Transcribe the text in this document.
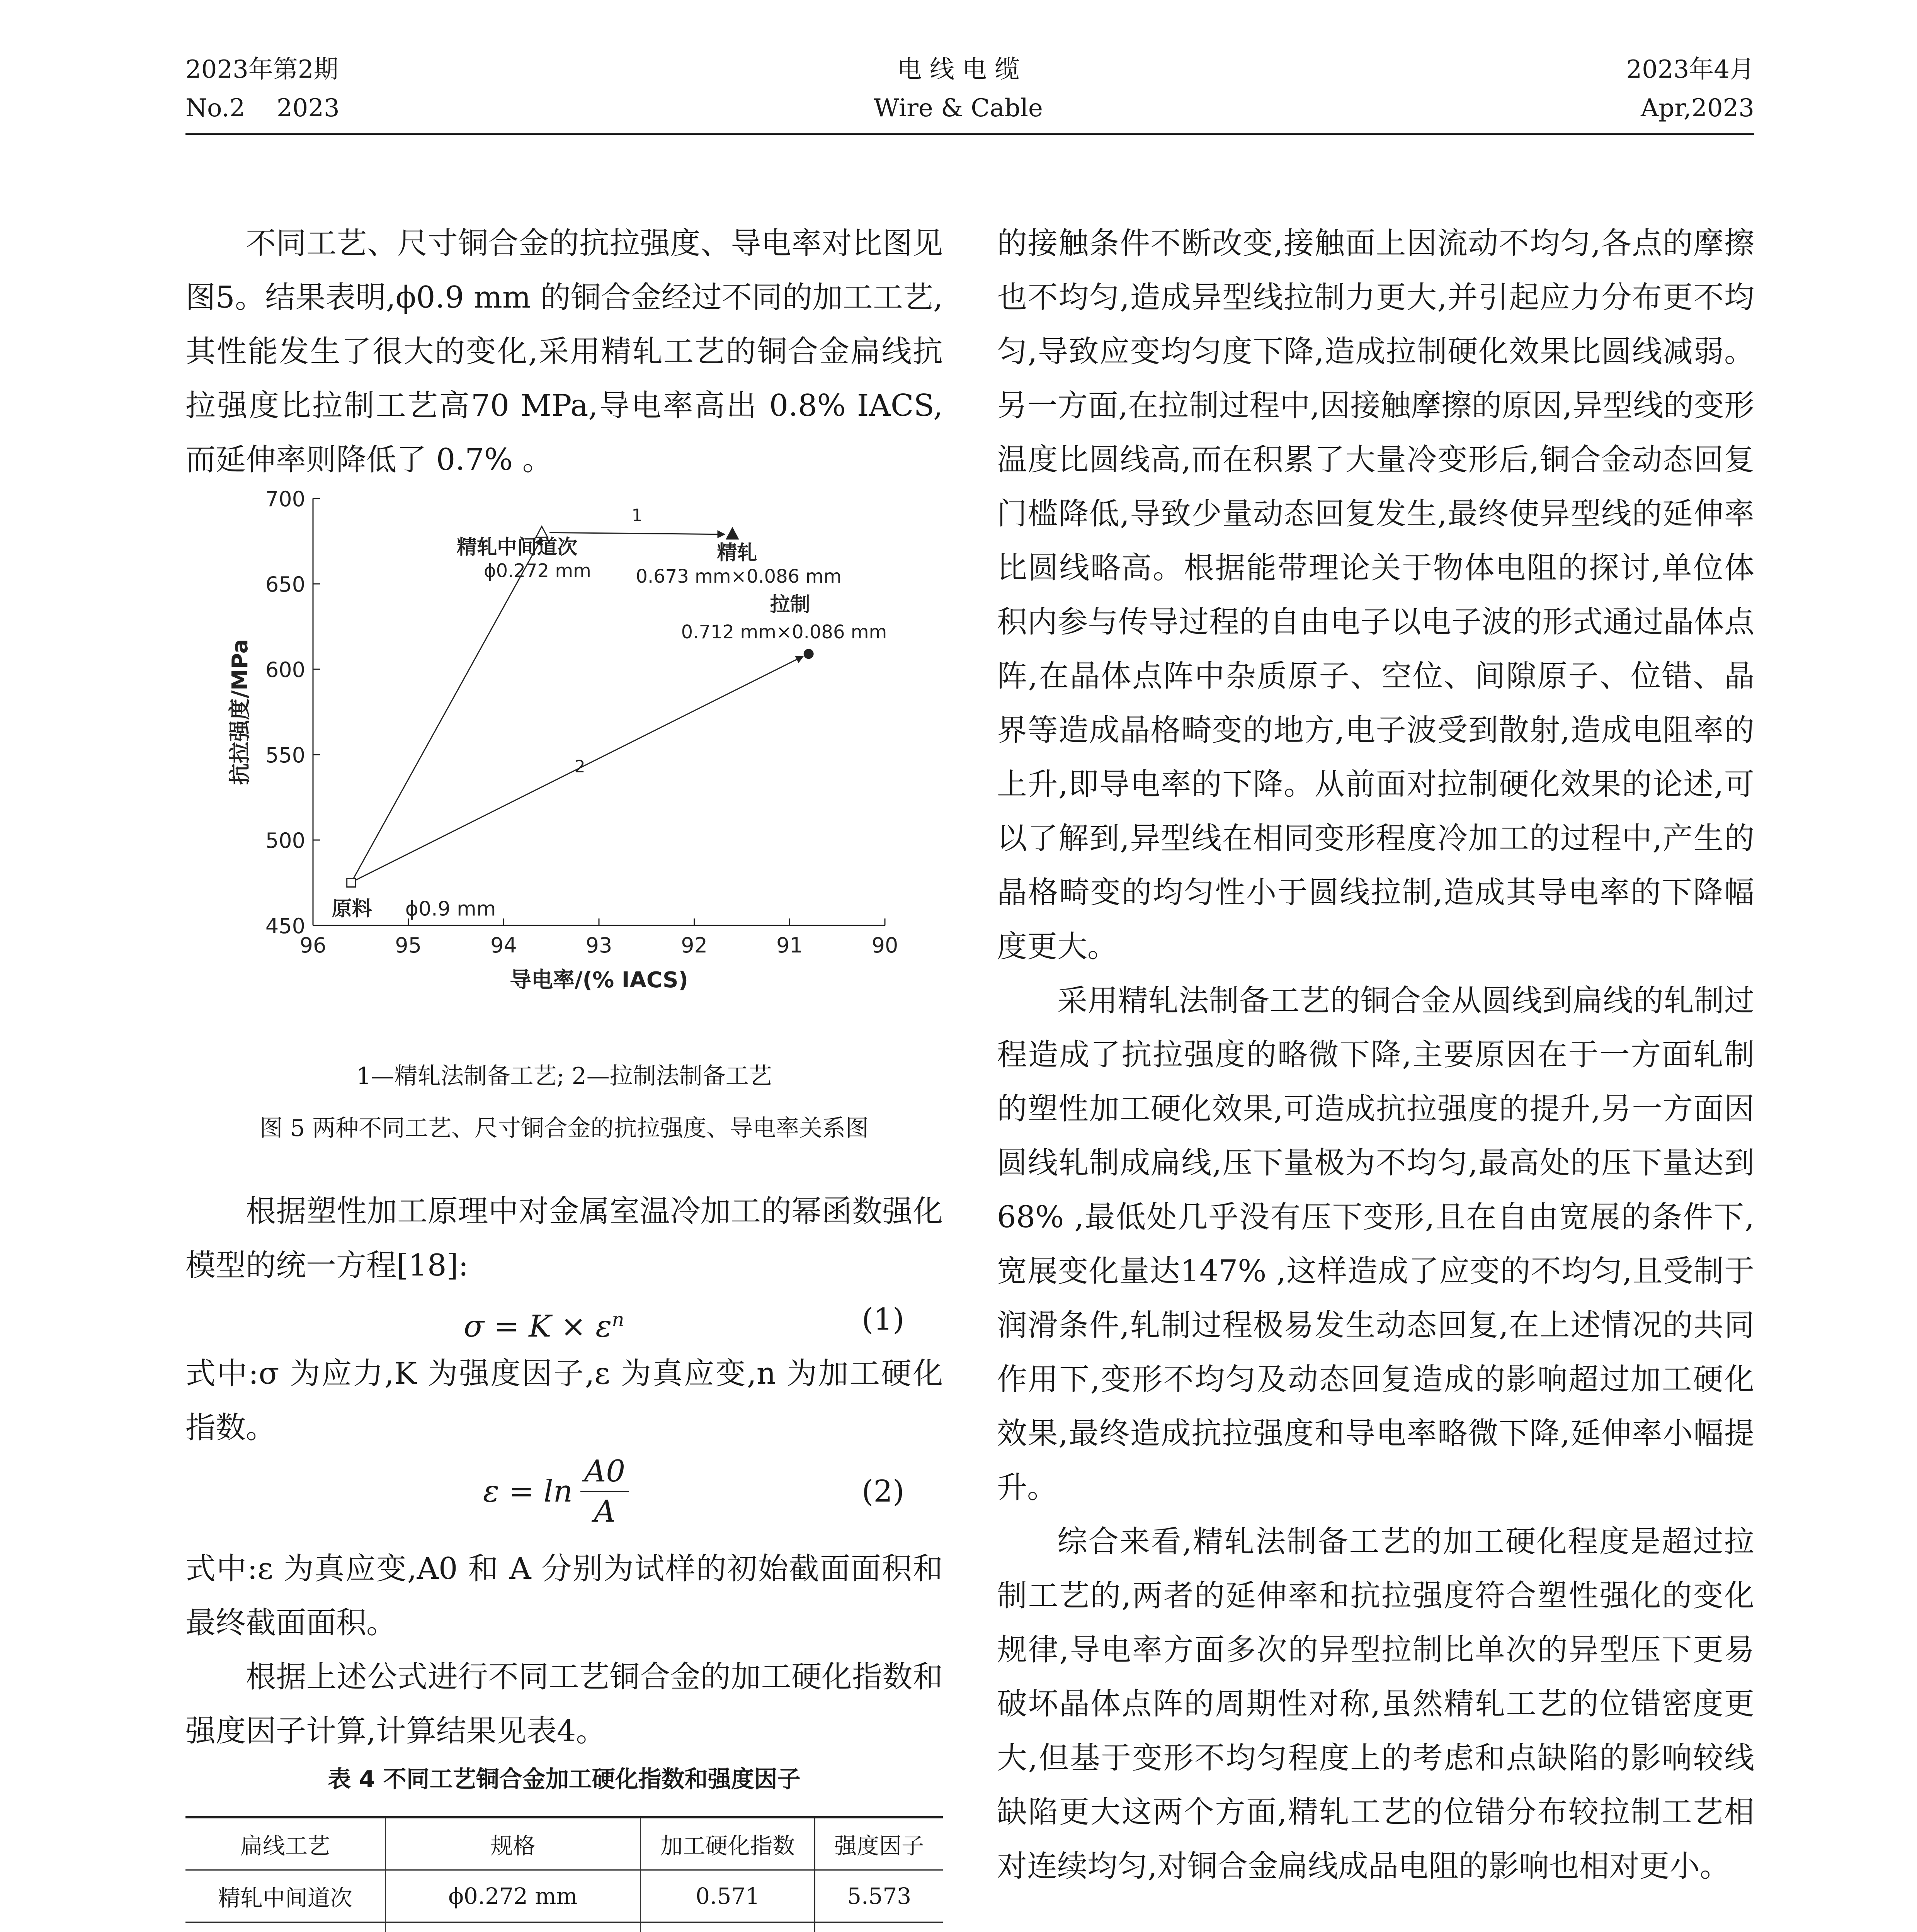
2023年第2期
No.2    2023
电 线 电 缆
Wire & Cable
2023年4月
Apr,2023

不同工艺、尺寸铜合金的抗拉强度、导电率对比图见图5。结果表明,ϕ0.9 mm 的铜合金经过不同的加工工艺,其性能发生了很大的变化,采用精轧工艺的铜合金扁线抗拉强度比拉制工艺高70 MPa,导电率高出 0.8% IACS,而延伸率则降低了 0.7% 。

450
500
550
600
650
700
96	95	94	93	92	91	90
导电率/(% IACS)
抗拉强度/MPa
1
2
原料 ϕ0.9 mm
精轧中间道次
ϕ0.272 mm
精轧
0.673 mm×0.086 mm
拉制
0.712 mm×0.086 mm
1—精轧法制备工艺; 2—拉制法制备工艺
图 5 两种不同工艺、尺寸铜合金的抗拉强度、导电率关系图

根据塑性加工原理中对金属室温冷加工的幂函数强化模型的统一方程[18]:

$\sigma = K \times \varepsilon^n$	(1)

式中:σ 为应力,K 为强度因子,ε 为真应变,n 为加工硬化指数。

ε = ln
A0
A
(2)

式中:ε 为真应变,A0 和 A 分别为试样的初始截面面积和最终截面面积。

根据上述公式进行不同工艺铜合金的加工硬化指数和强度因子计算,计算结果见表4。

表 4 不同工艺铜合金加工硬化指数和强度因子
扁线工艺	规格	加工硬化指数	强度因子
精轧中间道次	ϕ0.272 mm	0.571	5.573

的接触条件不断改变,接触面上因流动不均匀,各点的摩擦也不均匀,造成异型线拉制力更大,并引起应力分布更不均匀,导致应变均匀度下降,造成拉制硬化效果比圆线减弱。另一方面,在拉制过程中,因接触摩擦的原因,异型线的变形温度比圆线高,而在积累了大量冷变形后,铜合金动态回复门槛降低,导致少量动态回复发生,最终使异型线的延伸率比圆线略高。根据能带理论关于物体电阻的探讨,单位体积内参与传导过程的自由电子以电子波的形式通过晶体点阵,在晶体点阵中杂质原子、空位、间隙原子、位错、晶界等造成晶格畸变的地方,电子波受到散射,造成电阻率的上升,即导电率的下降。从前面对拉制硬化效果的论述,可以了解到,异型线在相同变形程度冷加工的过程中,产生的晶格畸变的均匀性小于圆线拉制,造成其导电率的下降幅度更大。

采用精轧法制备工艺的铜合金从圆线到扁线的轧制过程造成了抗拉强度的略微下降,主要原因在于一方面轧制的塑性加工硬化效果,可造成抗拉强度的提升,另一方面因圆线轧制成扁线,压下量极为不均匀,最高处的压下量达到 68% ,最低处几乎没有压下变形,且在自由宽展的条件下,宽展变化量达147% ,这样造成了应变的不均匀,且受制于润滑条件,轧制过程极易发生动态回复,在上述情况的共同作用下,变形不均匀及动态回复造成的影响超过加工硬化效果,最终造成抗拉强度和导电率略微下降,延伸率小幅提升。

综合来看,精轧法制备工艺的加工硬化程度是超过拉制工艺的,两者的延伸率和抗拉强度符合塑性强化的变化规律,导电率方面多次的异型拉制比单次的异型压下更易破坏晶体点阵的周期性对称,虽然精轧工艺的位错密度更大,但基于变形不均匀程度上的考虑和点缺陷的影响较线缺陷更大这两个方面,精轧工艺的位错分布较拉制工艺相对连续均匀,对铜合金扁线成品电阻的影响也相对更小。
